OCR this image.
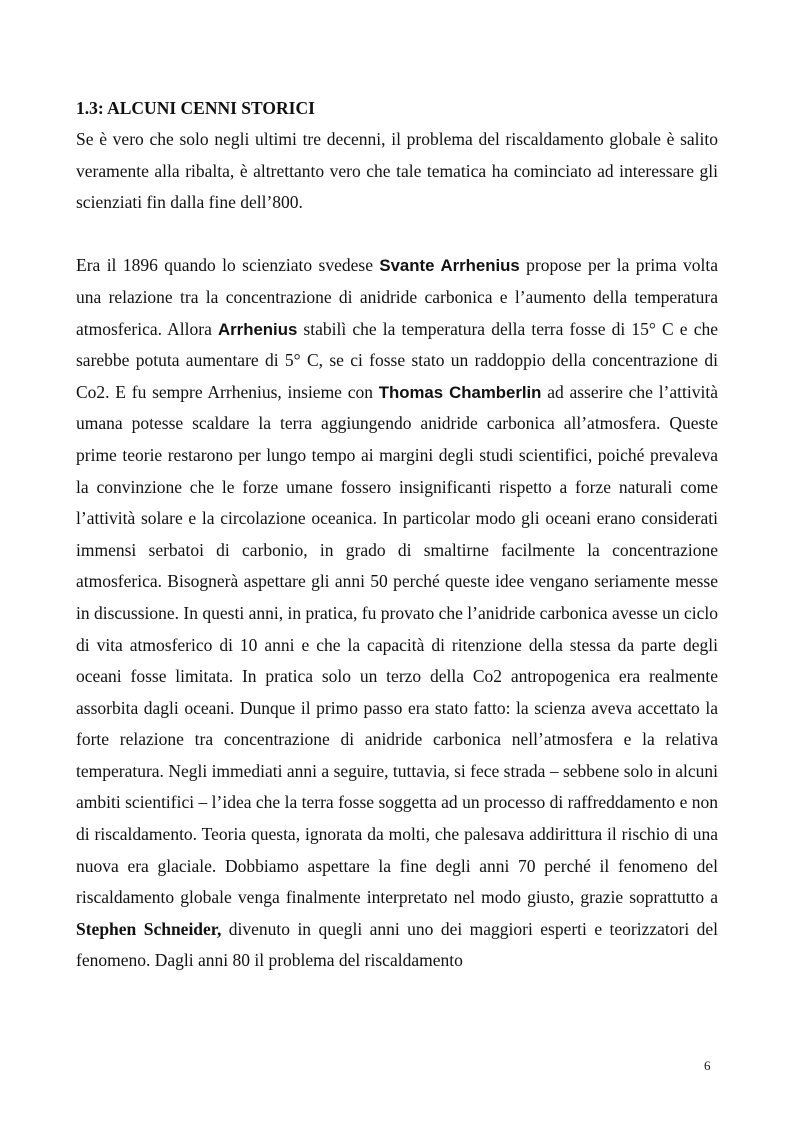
1.3: ALCUNI CENNI STORICI

Se è vero che solo negli ultimi tre decenni, il problema del riscaldamento globale è salito veramente alla ribalta, è altrettanto vero che tale tematica ha cominciato ad interessare gli scienziati fin dalla fine dell’800.

Era il 1896 quando lo scienziato svedese Svante Arrhenius propose per la prima volta una relazione tra la concentrazione di anidride carbonica e l’aumento della temperatura atmosferica. Allora Arrhenius stabilì che la temperatura della terra fosse di 15° C e che sarebbe potuta aumentare di 5° C, se ci fosse stato un raddoppio della concentrazione di Co2. E fu sempre Arrhenius, insieme con Thomas Chamberlin ad asserire che l’attività umana potesse scaldare la terra aggiungendo anidride carbonica all’atmosfera. Queste prime teorie restarono per lungo tempo ai margini degli studi scientifici, poiché prevaleva la convinzione che le forze umane fossero insignificanti rispetto a forze naturali come l’attività solare e la circolazione oceanica. In particolar modo gli oceani erano considerati immensi serbatoi di carbonio, in grado di smaltirne facilmente la concentrazione atmosferica. Bisognerà aspettare gli anni 50 perché queste idee vengano seriamente messe in discussione. In questi anni, in pratica, fu provato che l’anidride carbonica avesse un ciclo di vita atmosferico di 10 anni e che la capacità di ritenzione della stessa da parte degli oceani fosse limitata. In pratica solo un terzo della Co2 antropogenica era realmente assorbita dagli oceani. Dunque il primo passo era stato fatto: la scienza aveva accettato la forte relazione tra concentrazione di anidride carbonica nell’atmosfera e la relativa temperatura. Negli immediati anni a seguire, tuttavia, si fece strada – sebbene solo in alcuni ambiti scientifici – l’idea che la terra fosse soggetta ad un processo di raffreddamento e non di riscaldamento. Teoria questa, ignorata da molti, che palesava addirittura il rischio di una nuova era glaciale. Dobbiamo aspettare la fine degli anni 70 perché il fenomeno del riscaldamento globale venga finalmente interpretato nel modo giusto, grazie soprattutto a Stephen Schneider, divenuto in quegli anni uno dei maggiori esperti e teorizzatori del fenomeno. Dagli anni 80 il problema del riscaldamento

6
